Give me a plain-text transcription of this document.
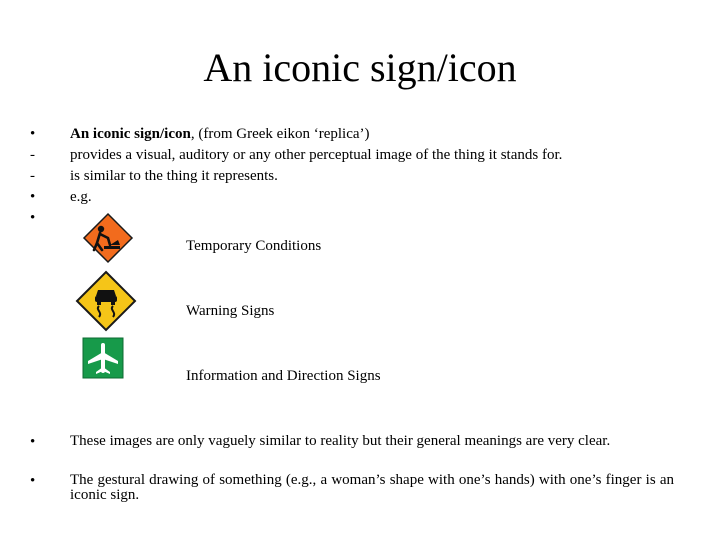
An iconic sign/icon
•	An iconic sign/icon, (from Greek eikon ‘replica’)
-	provides a visual, auditory or any other perceptual image of the thing it stands for.
-	is similar to the thing it represents.
•	e.g.
•
Temporary Conditions
Warning Signs
Information and Direction Signs
•	These images are only vaguely similar to reality but their general meanings are very clear.
•	The gestural drawing of something (e.g., a woman’s shape with one’s hands) with one’s finger is an iconic sign.
